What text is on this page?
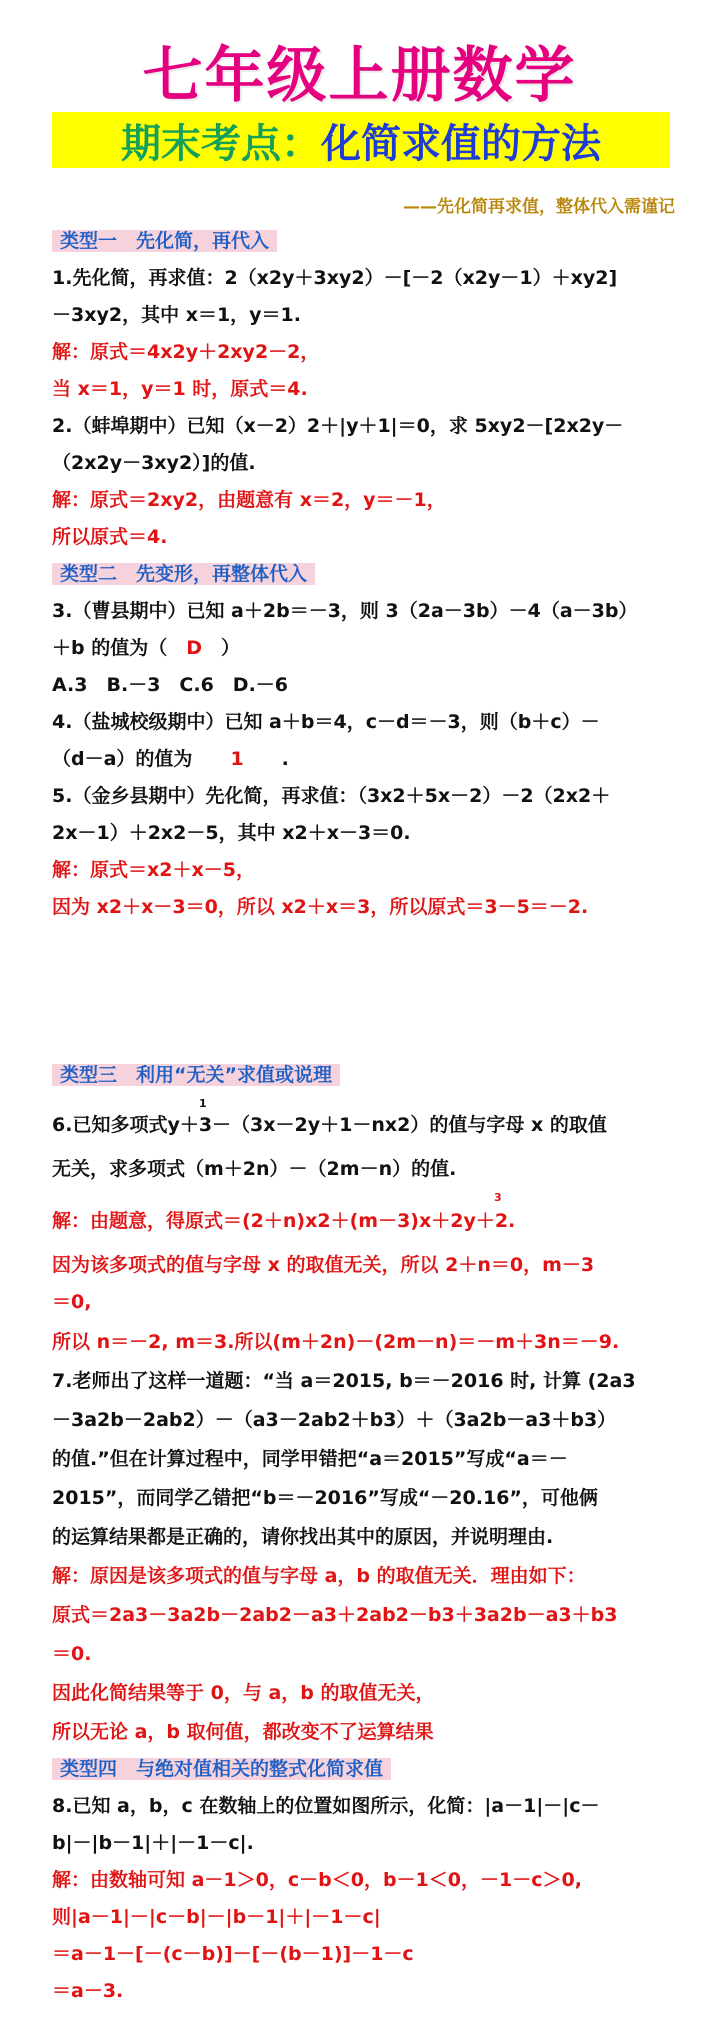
七年级上册数学
期末考点： 化简求值的方法
——先化简再求值，整体代入需谨记
类型一　先化简，再代入
1.先化简，再求值：2（x2y＋3xy2）－[－2（x2y－1）＋xy2]
－3xy2，其中 x＝1，y＝1.
解：原式＝4x2y＋2xy2－2，
当 x＝1，y＝1 时，原式＝4.
2.（蚌埠期中）已知（x－2）2＋|y＋1|＝0，求 5xy2－[2x2y－
（2x2y－3xy2）]的值.
解：原式＝2xy2，由题意有 x＝2，y＝－1，
所以原式＝4.
类型二　先变形，再整体代入
3.（曹县期中）已知 a＋2b＝－3，则 3（2a－3b）－4（a－3b）
＋b 的值为（　D　）
A.3　B.－3　C.6　D.－6
4.（盐城校级期中）已知 a＋b＝4，c－d＝－3，则（b＋c）－
（d－a）的值为　　1　　.
5.（金乡县期中）先化简，再求值：（3x2＋5x－2）－2（2x2＋
2x－1）＋2x2－5，其中 x2＋x－3＝0.
解：原式＝x2＋x－5，
因为 x2＋x－3＝0，所以 x2＋x＝3，所以原式＝3－5＝－2.
类型三　利用“无关”求值或说理
1
6.已知多项式y＋3－（3x－2y＋1－nx2）的值与字母 x 的取值
无关，求多项式（m＋2n）－（2m－n）的值.
3
解：由题意，得原式＝(2＋n)x2＋(m－3)x＋2y＋2.
因为该多项式的值与字母 x 的取值无关，所以 2＋n＝0，m－3
＝0,
所以 n＝－2, m＝3.所以(m＋2n)－(2m－n)＝－m＋3n＝－9.
7.老师出了这样一道题：“当 a＝2015, b＝－2016 时, 计算 (2a3
－3a2b－2ab2）－（a3－2ab2＋b3）＋（3a2b－a3＋b3）
的值.”但在计算过程中，同学甲错把“a＝2015”写成“a＝－
2015”，而同学乙错把“b＝－2016”写成“－20.16”，可他俩
的运算结果都是正确的，请你找出其中的原因，并说明理由.
解：原因是该多项式的值与字母 a，b 的取值无关．理由如下：
原式＝2a3－3a2b－2ab2－a3＋2ab2－b3＋3a2b－a3＋b3
＝0.
因此化简结果等于 0，与 a，b 的取值无关，
所以无论 a，b 取何值，都改变不了运算结果
类型四　与绝对值相关的整式化简求值
8.已知 a，b，c 在数轴上的位置如图所示，化简：|a－1|－|c－
b|－|b－1|＋|－1－c|.
解：由数轴可知 a－1＞0，c－b＜0，b－1＜0，－1－c＞0,
则|a－1|－|c－b|－|b－1|＋|－1－c|
＝a－1－[－(c－b)]－[－(b－1)]－1－c
＝a－3.
